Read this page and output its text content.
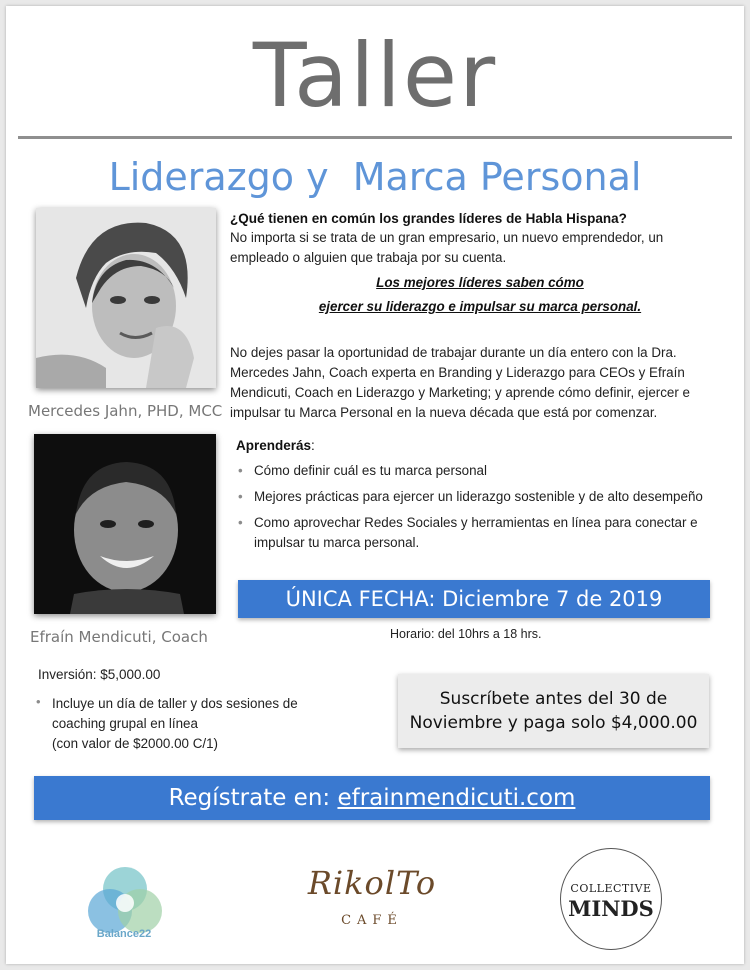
Taller
Liderazgo y  Marca Personal
Mercedes Jahn, PHD, MCC
Efraín Mendicuti, Coach
¿Qué tienen en común los grandes líderes de Habla Hispana?
No importa si se trata de un gran empresario, un nuevo emprendedor, un empleado o alguien que trabaja por su cuenta.
Los mejores líderes saben cómo
ejercer su liderazgo e impulsar su marca personal.
No dejes pasar la oportunidad de trabajar durante un día entero con la Dra. Mercedes Jahn, Coach experta en Branding y Liderazgo para CEOs y Efraín Mendicuti, Coach en Liderazgo y Marketing; y aprende cómo definir, ejercer e impulsar tu Marca Personal en la nueva década que está por comenzar.
Aprenderás:
• Cómo definir cuál es tu marca personal
• Mejores prácticas para ejercer un liderazgo sostenible y de alto desempeño
• Como aprovechar Redes Sociales y herramientas en línea para conectar e impulsar tu marca personal.
ÚNICA FECHA: Diciembre 7 de 2019
Horario: del 10hrs a 18 hrs.
Inversión: $5,000.00
• Incluye un día de taller y dos sesiones de
coaching grupal en línea
(con valor de $2000.00 C/1)
Suscríbete antes del 30 de
Noviembre y paga solo $4,000.00
Regístrate en: efrainmendicuti.com
Balance22
RikolTo
CAFÉ
COLLECTIVE
MINDS
